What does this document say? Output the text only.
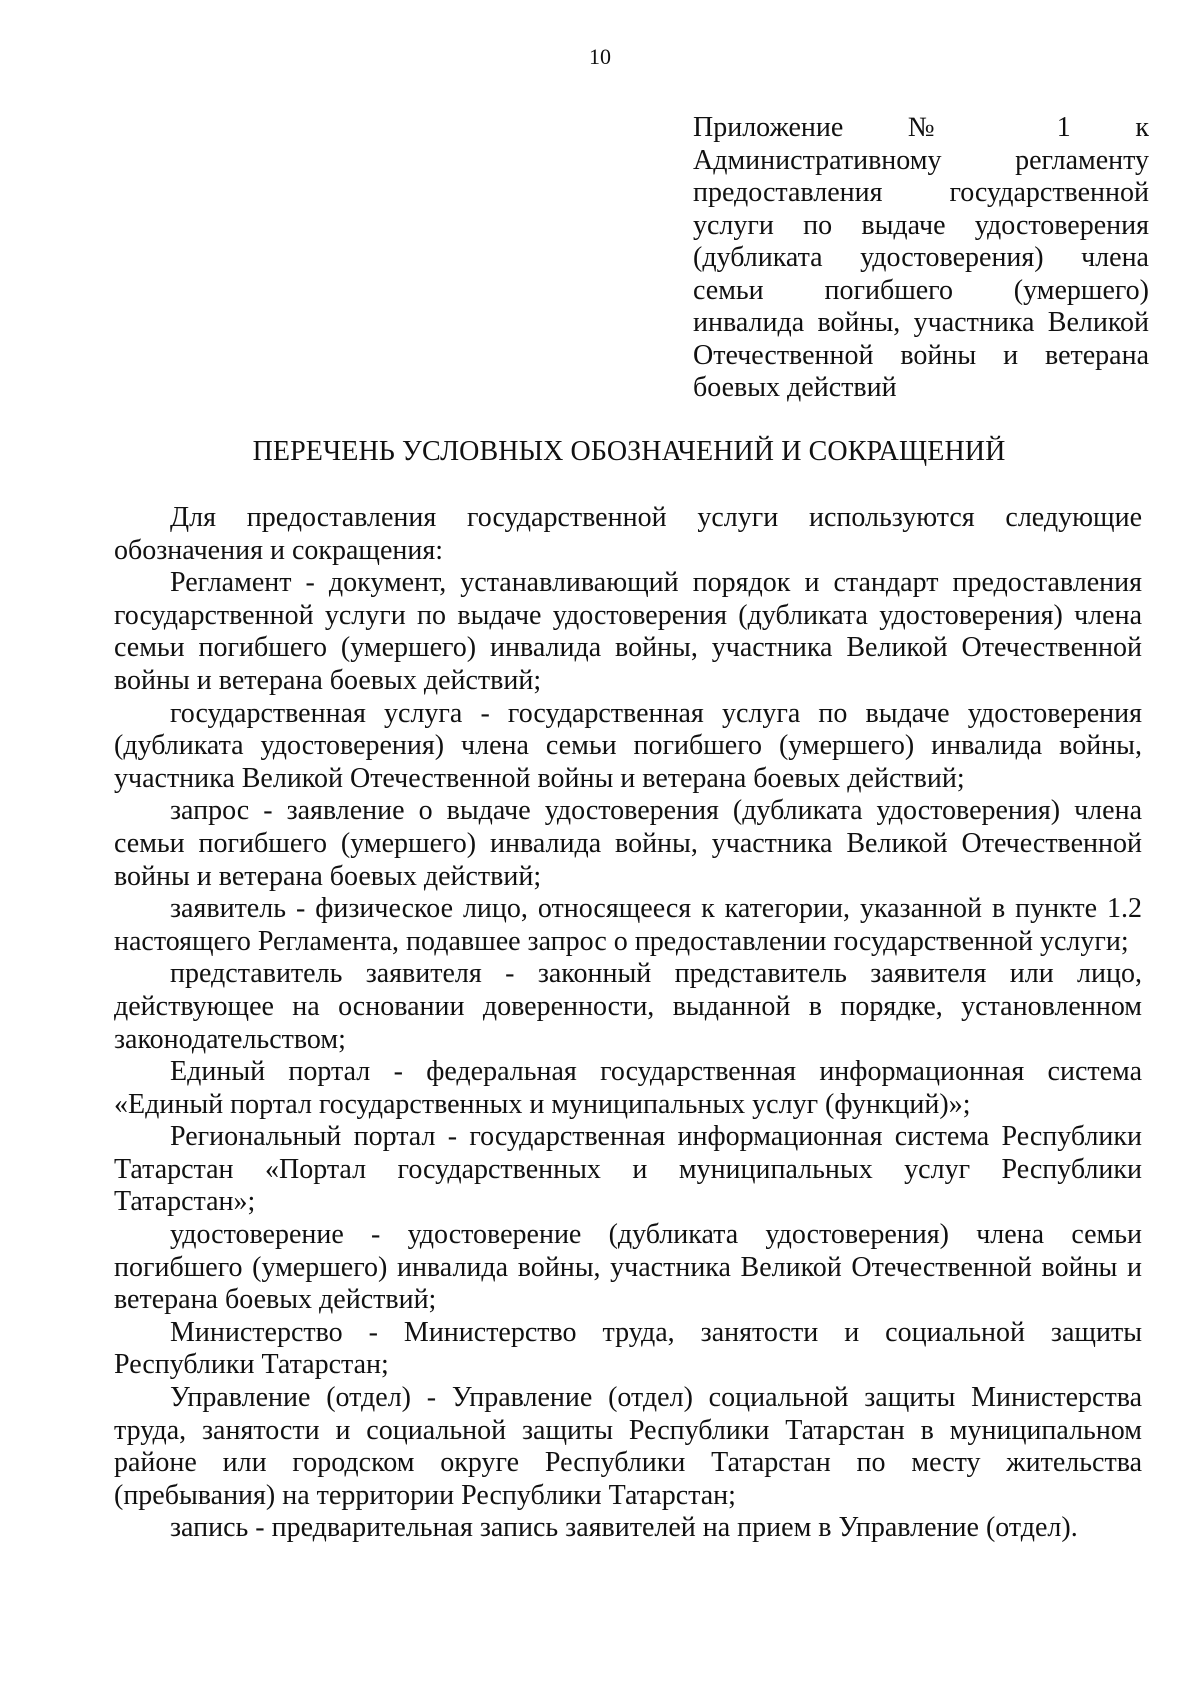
10
Приложение № 1 к Административному регламенту предоставления государственной услуги по выдаче удостоверения (дубликата удостоверения) члена семьи погибшего (умершего) инвалида войны, участника Великой Отечественной войны и ветерана
боевых действий
ПЕРЕЧЕНЬ УСЛОВНЫХ ОБОЗНАЧЕНИЙ И СОКРАЩЕНИЙ

Для предоставления государственной услуги используются следующие обозначения и сокращения:

Регламент - документ, устанавливающий порядок и стандарт предоставления государственной услуги по выдаче удостоверения (дубликата удостоверения) члена семьи погибшего (умершего) инвалида войны, участника Великой Отечественной войны и ветерана боевых действий;

государственная услуга - государственная услуга по выдаче удостоверения (дубликата удостоверения) члена семьи погибшего (умершего) инвалида войны, участника Великой Отечественной войны и ветерана боевых действий;

запрос - заявление о выдаче удостоверения (дубликата удостоверения) члена семьи погибшего (умершего) инвалида войны, участника Великой Отечественной войны и ветерана боевых действий;

заявитель - физическое лицо, относящееся к категории, указанной в пункте 1.2 настоящего Регламента, подавшее запрос о предоставлении государственной услуги;

представитель заявителя - законный представитель заявителя или лицо, действующее на основании доверенности, выданной в порядке, установленном законодательством;

Единый портал - федеральная государственная информационная система «Единый портал государственных и муниципальных услуг (функций)»;

Региональный портал - государственная информационная система Республики Татарстан «Портал государственных и муниципальных услуг Республики Татарстан»;

удостоверение - удостоверение (дубликата удостоверения) члена семьи погибшего (умершего) инвалида войны, участника Великой Отечественной войны и ветерана боевых действий;

Министерство - Министерство труда, занятости и социальной защиты Республики Татарстан;

Управление (отдел) - Управление (отдел) социальной защиты Министерства труда, занятости и социальной защиты Республики Татарстан в муниципальном районе или городском округе Республики Татарстан по месту жительства (пребывания) на территории Республики Татарстан;

запись - предварительная запись заявителей на прием в Управление (отдел).
